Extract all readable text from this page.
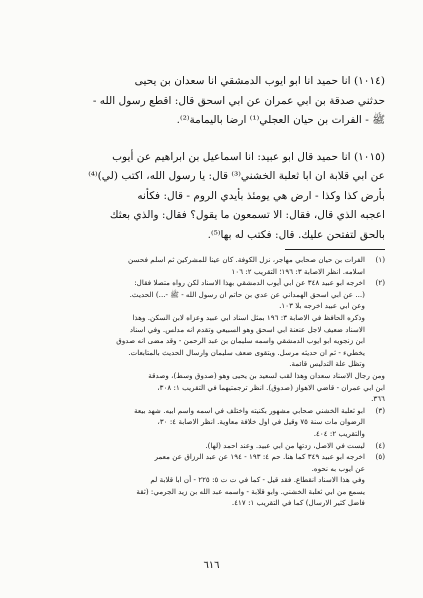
(١٠١٤) انا حميد انا ابو ايوب الدمشقي انا سعدان بن يحيى

حدثني صدقة بن ابي عمران عن ابي اسحق قال: اقطع رسول الله -

ﷺ - الفرات بن حيان العجلي⁽¹⁾ ارضا باليمامة⁽²⁾.

(١٠١٥) انا حميد قال ابو عبيد: انا اسماعيل بن ابراهيم عن أيوب

عن ابي قلابة ان ابا ثعلبة الخشني⁽³⁾ قال: يا رسول الله، اكتب (لي)⁽⁴⁾

بأرض كذا وكذا - ارض هي يومئذ بأيدي الروم - قال: فكأنه

اعجبه الذي قال، فقال: الا تسمعون ما يقول؟ فقال: والذي بعثك

بالحق لتفتحن عليك. قال: فكتب له بها⁽⁵⁾.

(١)
الفرات بن حيان صحابي مهاجر، نزل الكوفة. كان عينا للمشركين ثم اسلم فحسن
اسلامه. انظر الاصابة ٣: ١٩٦؛ التقريب ٢: ١٠٦
(٢)
اخرجه ابو عبيد ٣٤٨ عن ابي أيوب الدمشقي بهذا الاسناد لكن رواه متصلا فقال:
(... عن ابي اسحق الهمداني عن عدي بن حاتم ان رسول الله - ﷺ -...) الحديث.
وعن ابي عبيد اخرجه بلا ١٠٣.
وذكره الحافظ في الاصابة ٣: ١٩٦ بمثل اسناد ابي عبيد وعزاه لابن السكن. وهذا
الاسناد ضعيف لاجل عنعنة ابي اسحق وهو السبيعي وتقدم انه مدلس. وفي اسناد
ابن زنجويه ابو ايوب الدمشقي واسمه سليمان بن عبد الرحمن - وقد مضى انه صدوق
يخطيء - ثم ان حديثه مرسل. ويتقوى ضعف سليمان وارسال الحديث بالمتابعات.
وتظل علة التدليس قائمة.
ومن رجال الاسناد سعدان وهذا لقب لسعيد بن يحيى وهو (صدوق وسط)، وصدقة
ابن ابي عمران - قاضي الاهواز (صدوق). انظر ترجمتيهما في التقريب ١: ٣٠٨،
٣٦٦.
(٣)
ابو ثعلبة الخشني صحابي مشهور بكنيته واختلف في اسمه واسم ابيه. شهد بيعة
الرضوان مات سنة ٧٥ وقيل في اول خلافة معاوية. انظر الاصابة ٤: ٣٠،
والتقريب ٢: ٤٠٤.
(٤)
ليست في الاصل، زدتها من ابي عبيد. وعند احمد (لها).
(٥)
اخرجه ابو عبيد ٣٤٩ كما هنا. حم ٤: ١٩٣ - ١٩٤ عن عبد الرزاق عن معمر
عن ايوب به نحوه.
وفي هذا الاسناد انقطاع. فقد قيل - كما في ت ت ٥: ٢٢٥ - أن ابا قلابة لم
يسمع من ابي ثعلبة الخشني. وابو قلابة - واسمه عبد الله بن زيد الجرمي: (ثقة
فاضل كثير الارسال) كما في التقريب ١: ٤١٧.
٦١٦
